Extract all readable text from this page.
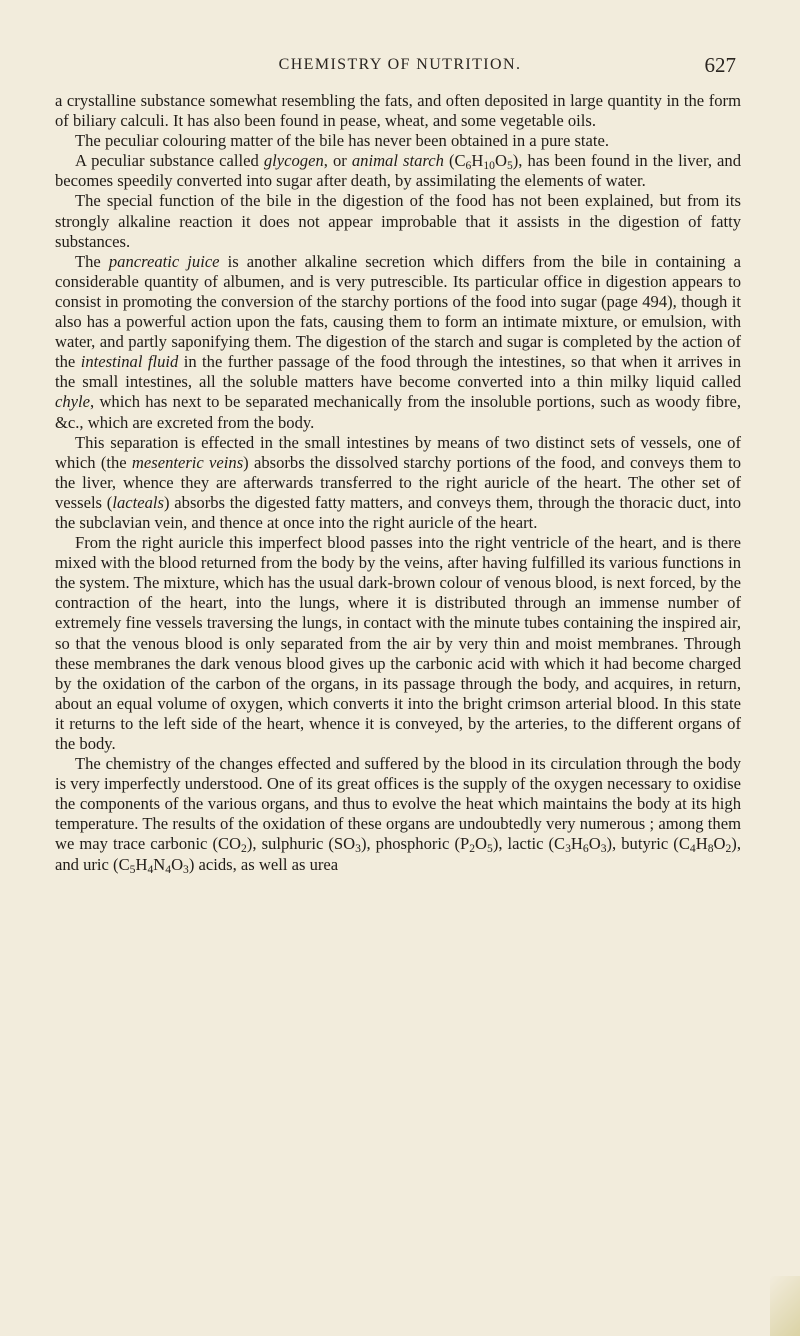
CHEMISTRY OF NUTRITION.	627

a crystalline substance somewhat resembling the fats, and often deposited in large quantity in the form of biliary calculi. It has also been found in pease, wheat, and some vegetable oils.

The peculiar colouring matter of the bile has never been obtained in a pure state.

A peculiar substance called glycogen, or animal starch $(C_6H_{10}O_5)$, has been found in the liver, and becomes speedily converted into sugar after death, by assimilating the elements of water.

The special function of the bile in the digestion of the food has not been explained, but from its strongly alkaline reaction it does not appear improbable that it assists in the digestion of fatty substances.

The pancreatic juice is another alkaline secretion which differs from the bile in containing a considerable quantity of albumen, and is very putrescible. Its particular office in digestion appears to consist in promoting the conversion of the starchy portions of the food into sugar (page 494), though it also has a powerful action upon the fats, causing them to form an intimate mixture, or emulsion, with water, and partly saponifying them. The digestion of the starch and sugar is completed by the action of the intestinal fluid in the further passage of the food through the intestines, so that when it arrives in the small intestines, all the soluble matters have become converted into a thin milky liquid called chyle, which has next to be separated mechanically from the insoluble portions, such as woody fibre, &c., which are excreted from the body.

This separation is effected in the small intestines by means of two distinct sets of vessels, one of which (the mesenteric veins) absorbs the dissolved starchy portions of the food, and conveys them to the liver, whence they are afterwards transferred to the right auricle of the heart. The other set of vessels (lacteals) absorbs the digested fatty matters, and conveys them, through the thoracic duct, into the subclavian vein, and thence at once into the right auricle of the heart.

From the right auricle this imperfect blood passes into the right ventricle of the heart, and is there mixed with the blood returned from the body by the veins, after having fulfilled its various functions in the system. The mixture, which has the usual dark-brown colour of venous blood, is next forced, by the contraction of the heart, into the lungs, where it is distributed through an immense number of extremely fine vessels traversing the lungs, in contact with the minute tubes containing the inspired air, so that the venous blood is only separated from the air by very thin and moist membranes. Through these membranes the dark venous blood gives up the carbonic acid with which it had become charged by the oxidation of the carbon of the organs, in its passage through the body, and acquires, in return, about an equal volume of oxygen, which converts it into the bright crimson arterial blood. In this state it returns to the left side of the heart, whence it is conveyed, by the arteries, to the different organs of the body.

The chemistry of the changes effected and suffered by the blood in its circulation through the body is very imperfectly understood. One of its great offices is the supply of the oxygen necessary to oxidise the components of the various organs, and thus to evolve the heat which maintains the body at its high temperature. The results of the oxidation of these organs are undoubtedly very numerous ; among them we may trace carbonic $(CO_2)$, sulphuric $(SO_3)$, phosphoric $(P_2O_5)$, lactic $(C_3H_6O_3)$, butyric $(C_4H_8O_2)$, and uric $(C_5H_4N_4O_3)$ acids, as well as urea
